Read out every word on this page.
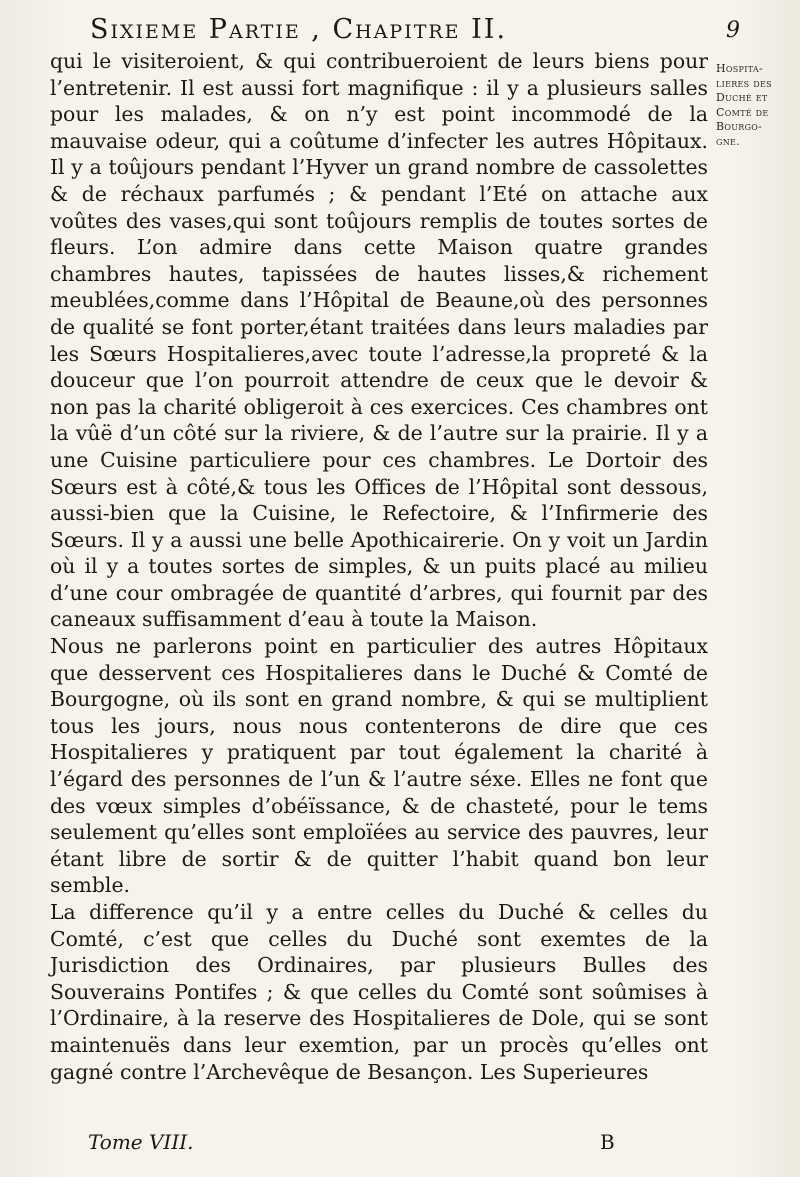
Sixieme Partie , Chapitre II.	9
Hospita-
lieres des
Duché et
Comté de
Bourgo-
gne.

qui le visiteroient, & qui contribueroient de leurs biens pour l’entretenir. Il est aussi fort magnifique : il y a plusieurs salles pour les malades, & on n’y est point incommodé de la mauvaise odeur, qui a coûtume d’infecter les autres Hôpitaux. Il y a toûjours pendant l’Hyver un grand nombre de cassolettes & de réchaux parfumés ; & pendant l’Eté on attache aux voûtes des vases,qui sont toûjours remplis de toutes sortes de fleurs. L’on admire dans cette Maison quatre grandes chambres hautes, tapissées de hautes lisses,& richement meublées,comme dans l’Hôpital de Beaune,où des personnes de qualité se font porter,étant traitées dans leurs maladies par les Sœurs Hospitalieres,avec toute l’adresse,la propreté & la douceur que l’on pourroit attendre de ceux que le devoir & non pas la charité obligeroit à ces exercices. Ces chambres ont la vûë d’un côté sur la riviere, & de l’autre sur la prairie. Il y a une Cuisine particuliere pour ces chambres. Le Dortoir des Sœurs est à côté,& tous les Offices de l’Hôpital sont dessous, aussi-bien que la Cuisine, le Refectoire, & l’Infirmerie des Sœurs. Il y a aussi une belle Apothicairerie. On y voit un Jardin où il y a toutes sortes de simples, & un puits placé au milieu d’une cour ombragée de quantité d’arbres, qui fournit par des caneaux suffisamment d’eau à toute la Maison.

Nous ne parlerons point en particulier des autres Hôpitaux que desservent ces Hospitalieres dans le Duché & Comté de Bourgogne, où ils sont en grand nombre, & qui se multiplient tous les jours, nous nous contenterons de dire que ces Hospitalieres y pratiquent par tout également la charité à l’égard des personnes de l’un & l’autre séxe. Elles ne font que des vœux simples d’obéïssance, & de chasteté, pour le tems seulement qu’elles sont emploïées au service des pauvres, leur étant libre de sortir & de quitter l’habit quand bon leur semble.

La difference qu’il y a entre celles du Duché & celles du Comté, c’est que celles du Duché sont exemtes de la Jurisdiction des Ordinaires, par plusieurs Bulles des Souverains Pontifes ; & que celles du Comté sont soûmises à l’Ordinaire, à la reserve des Hospitalieres de Dole, qui se sont maintenuës dans leur exemtion, par un procès qu’elles ont gagné contre l’Archevêque de Besançon. Les Superieures

Tome VIII.	B
